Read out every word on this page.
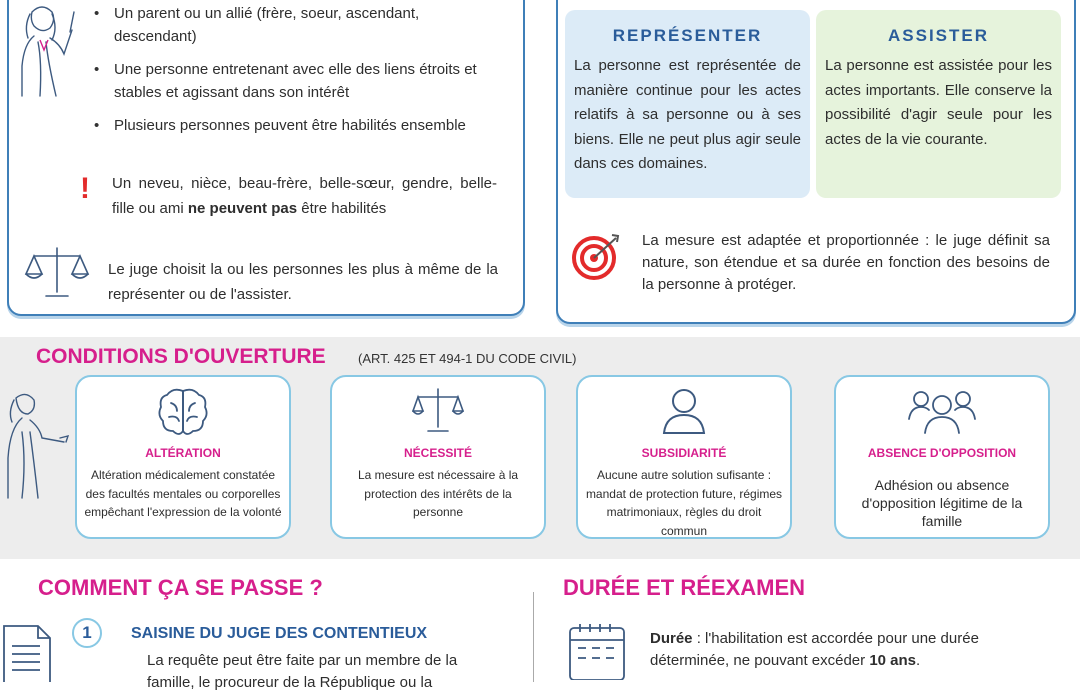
• Un parent ou un allié (frère, soeur, ascendant, descendant)
• Une personne entretenant avec elle des liens étroits et stables et agissant dans son intérêt
• Plusieurs personnes peuvent être habilités ensemble
! Un neveu, nièce, beau-frère, belle-sœur, gendre, belle-fille ou ami ne peuvent pas être habilités
Le juge choisit la ou les personnes les plus à même de la représenter ou de l'assister.
REPRÉSENTER
La personne est représentée de manière continue pour les actes relatifs à sa personne ou à ses biens. Elle ne peut plus agir seule dans ces domaines.
ASSISTER
La personne est assistée pour les actes importants. Elle conserve la possibilité d'agir seule pour les actes de la vie courante.
La mesure est adaptée et proportionnée : le juge définit sa nature, son étendue et sa durée en fonction des besoins de la personne à protéger.
CONDITIONS D'OUVERTURE (ART. 425 ET 494-1 DU CODE CIVIL)
ALTÉRATION
Altération médicalement constatée des facultés mentales ou corporelles empêchant l'expression de la volonté
NÉCESSITÉ
La mesure est nécessaire à la protection des intérêts de la personne
SUBSIDIARITÉ
Aucune autre solution sufisante : mandat de protection future, régimes matrimoniaux, règles du droit commun
ABSENCE D'OPPOSITION
Adhésion ou absence d'opposition légitime de la famille
COMMENT ÇA SE PASSE ?	DURÉE ET RÉEXAMEN
1	SAISINE DU JUGE DES CONTENTIEUX
La requête peut être faite par un membre de la famille, le procureur de la République ou la
Durée : l'habilitation est accordée pour une durée déterminée, ne pouvant excéder 10 ans.
